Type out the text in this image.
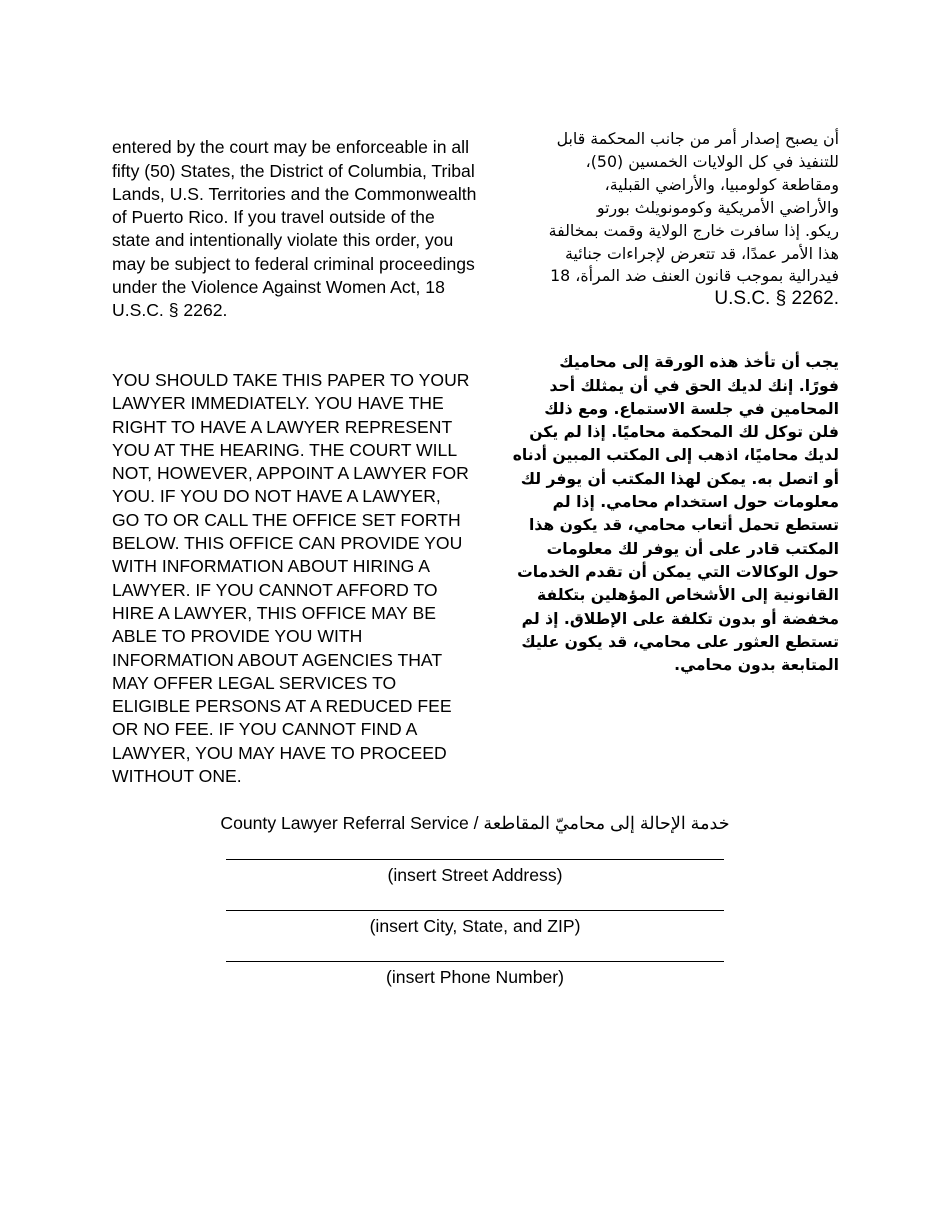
entered by the court may be enforceable in all
fifty (50) States, the District of Columbia, Tribal
Lands, U.S. Territories and the Commonwealth
of Puerto Rico. If you travel outside of the
state and intentionally violate this order, you
may be subject to federal criminal proceedings
under the Violence Against Women Act, 18
U.S.C. § 2262.

YOU SHOULD TAKE THIS PAPER TO YOUR
LAWYER IMMEDIATELY. YOU HAVE THE
RIGHT TO HAVE A LAWYER REPRESENT
YOU AT THE HEARING. THE COURT WILL
NOT, HOWEVER, APPOINT A LAWYER FOR
YOU. IF YOU DO NOT HAVE A LAWYER,
GO TO OR CALL THE OFFICE SET FORTH
BELOW. THIS OFFICE CAN PROVIDE YOU
WITH INFORMATION ABOUT HIRING A
LAWYER. IF YOU CANNOT AFFORD TO
HIRE A LAWYER, THIS OFFICE MAY BE
ABLE TO PROVIDE YOU WITH
INFORMATION ABOUT AGENCIES THAT
MAY OFFER LEGAL SERVICES TO
ELIGIBLE PERSONS AT A REDUCED FEE
OR NO FEE. IF YOU CANNOT FIND A
LAWYER, YOU MAY HAVE TO PROCEED
WITHOUT ONE.

أن يصبح إصدار أمر من جانب المحكمة قابل
للتنفيذ في كل الولايات الخمسين (50)،
ومقاطعة كولومبيا، والأراضي القبلية،
والأراضي الأمريكية وكومونويلث بورتو
ريكو. إذا سافرت خارج الولاية وقمت بمخالفة
هذا الأمر عمدًا، قد تتعرض لإجراءات جنائية
فيدرالية بموجب قانون العنف ضد المرأة، 18
.U.S.C. § 2262

يجب أن تأخذ هذه الورقة إلى محاميك
فورًا. إنك لديك الحق في أن يمثلك أحد
المحامين في جلسة الاستماع. ومع ذلك
فلن توكل لك المحكمة محاميًا. إذا لم يكن
لديك محاميًا، اذهب إلى المكتب المبين أدناه
أو اتصل به. يمكن لهذا المكتب أن يوفر لك
معلومات حول استخدام محامي. إذا لم
تستطع تحمل أتعاب محامي، قد يكون هذا
المكتب قادر على أن يوفر لك معلومات
حول الوكالات التي يمكن أن تقدم الخدمات
القانونية إلى الأشخاص المؤهلين بتكلفة
مخفضة أو بدون تكلفة على الإطلاق. إذ لم
تستطع العثور على محامي، قد يكون عليك
المتابعة بدون محامي.

County Lawyer Referral Service / خدمة الإحالة إلى محاميّ المقاطعة
(insert Street Address)
(insert City, State, and ZIP)
(insert Phone Number)
